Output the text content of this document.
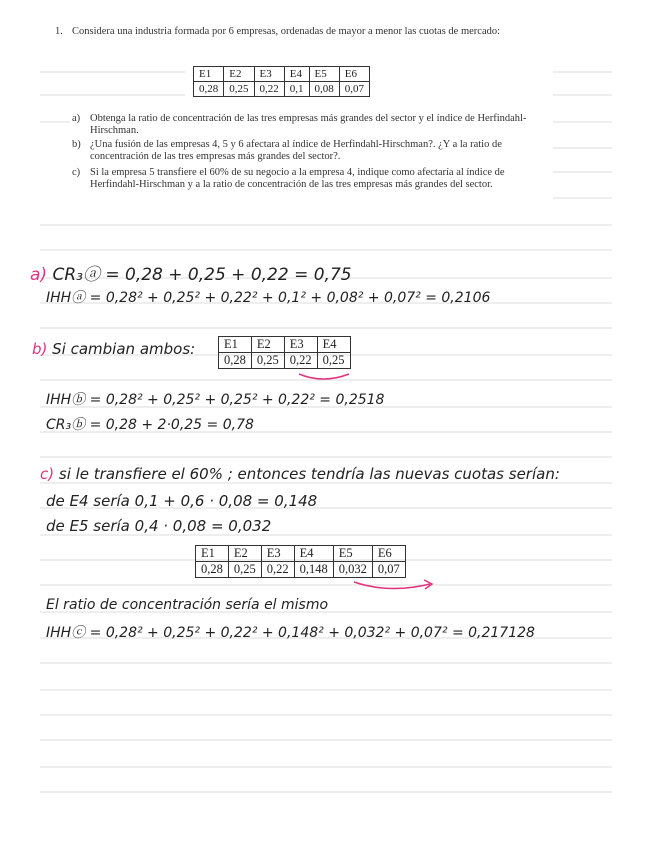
1. Considera una industria formada por 6 empresas, ordenadas de mayor a menor las cuotas de mercado:
E1	E2	E3	E4	E5	E6
0,28	0,25	0,22	0,1	0,08	0,07
a) Obtenga la ratio de concentración de las tres empresas más grandes del sector y el índice de Herfindahl-Hirschman.
b) ¿Una fusión de las empresas 4, 5 y 6 afectara al índice de Herfindahl-Hirschman?. ¿Y a la ratio de concentración de las tres empresas más grandes del sector?.
c) Si la empresa 5 transfiere el 60% de su negocio a la empresa 4, indique como afectaría al índice de Herfindahl-Hirschman y a la ratio de concentración de las tres empresas más grandes del sector.
a) CR₃ⓐ = 0,28 + 0,25 + 0,22 = 0,75
IHHⓐ = 0,28² + 0,25² + 0,22² + 0,1² + 0,08² + 0,07² = 0,2106
b) Si cambian ambos: E1	E2	E3	E4
0,28	0,25	0,22	0,25
IHHⓑ = 0,28² + 0,25² + 0,25² + 0,22² = 0,2518
CR₃ⓑ = 0,28 + 2·0,25 = 0,78
c) si le transfiere el 60% ; entonces tendría las nuevas cuotas serían:
de E4 sería 0,1 + 0,6 · 0,08 = 0,148
de E5 sería 0,4 · 0,08 = 0,032
E1	E2	E3	E4	E5	E6
0,28	0,25	0,22	0,148	0,032	0,07
El ratio de concentración sería el mismo
IHHⓒ = 0,28² + 0,25² + 0,22² + 0,148² + 0,032² + 0,07² = 0,217128
